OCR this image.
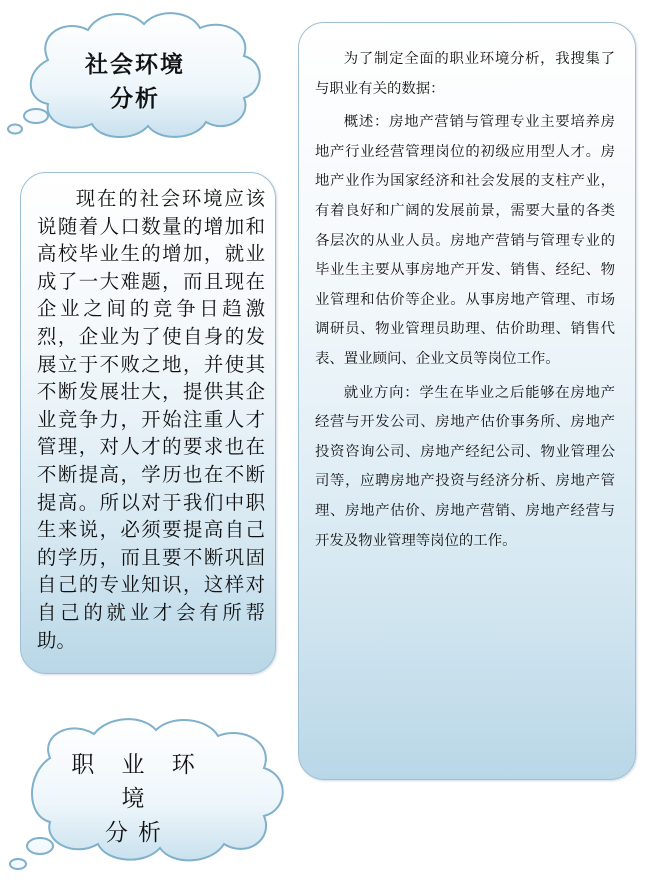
社会环境
分析

现在的社会环境应该说随着人口数量的增加和高校毕业生的增加，就业成了一大难题，而且现在企业之间的竞争日趋激烈，企业为了使自身的发展立于不败之地，并使其不断发展壮大，提供其企业竞争力，开始注重人才管理，对人才的要求也在不断提高，学历也在不断提高。所以对于我们中职生来说，必须要提高自己的学历，而且要不断巩固自己的专业知识，这样对自己的就业才会有所帮助。

为了制定全面的职业环境分析，我搜集了与职业有关的数据：

概述：房地产营销与管理专业主要培养房地产行业经营管理岗位的初级应用型人才。房地产业作为国家经济和社会发展的支柱产业，有着良好和广阔的发展前景，需要大量的各类各层次的从业人员。房地产营销与管理专业的毕业生主要从事房地产开发、销售、经纪、物业管理和估价等企业。从事房地产管理、市场调研员、物业管理员助理、估价助理、销售代表、置业顾问、企业文员等岗位工作。

就业方向：学生在毕业之后能够在房地产经营与开发公司、房地产估价事务所、房地产投资咨询公司、房地产经纪公司、物业管理公司等，应聘房地产投资与经济分析、房地产管理、房地产估价、房地产营销、房地产经营与开发及物业管理等岗位的工作。

职 业 环 境
分析
